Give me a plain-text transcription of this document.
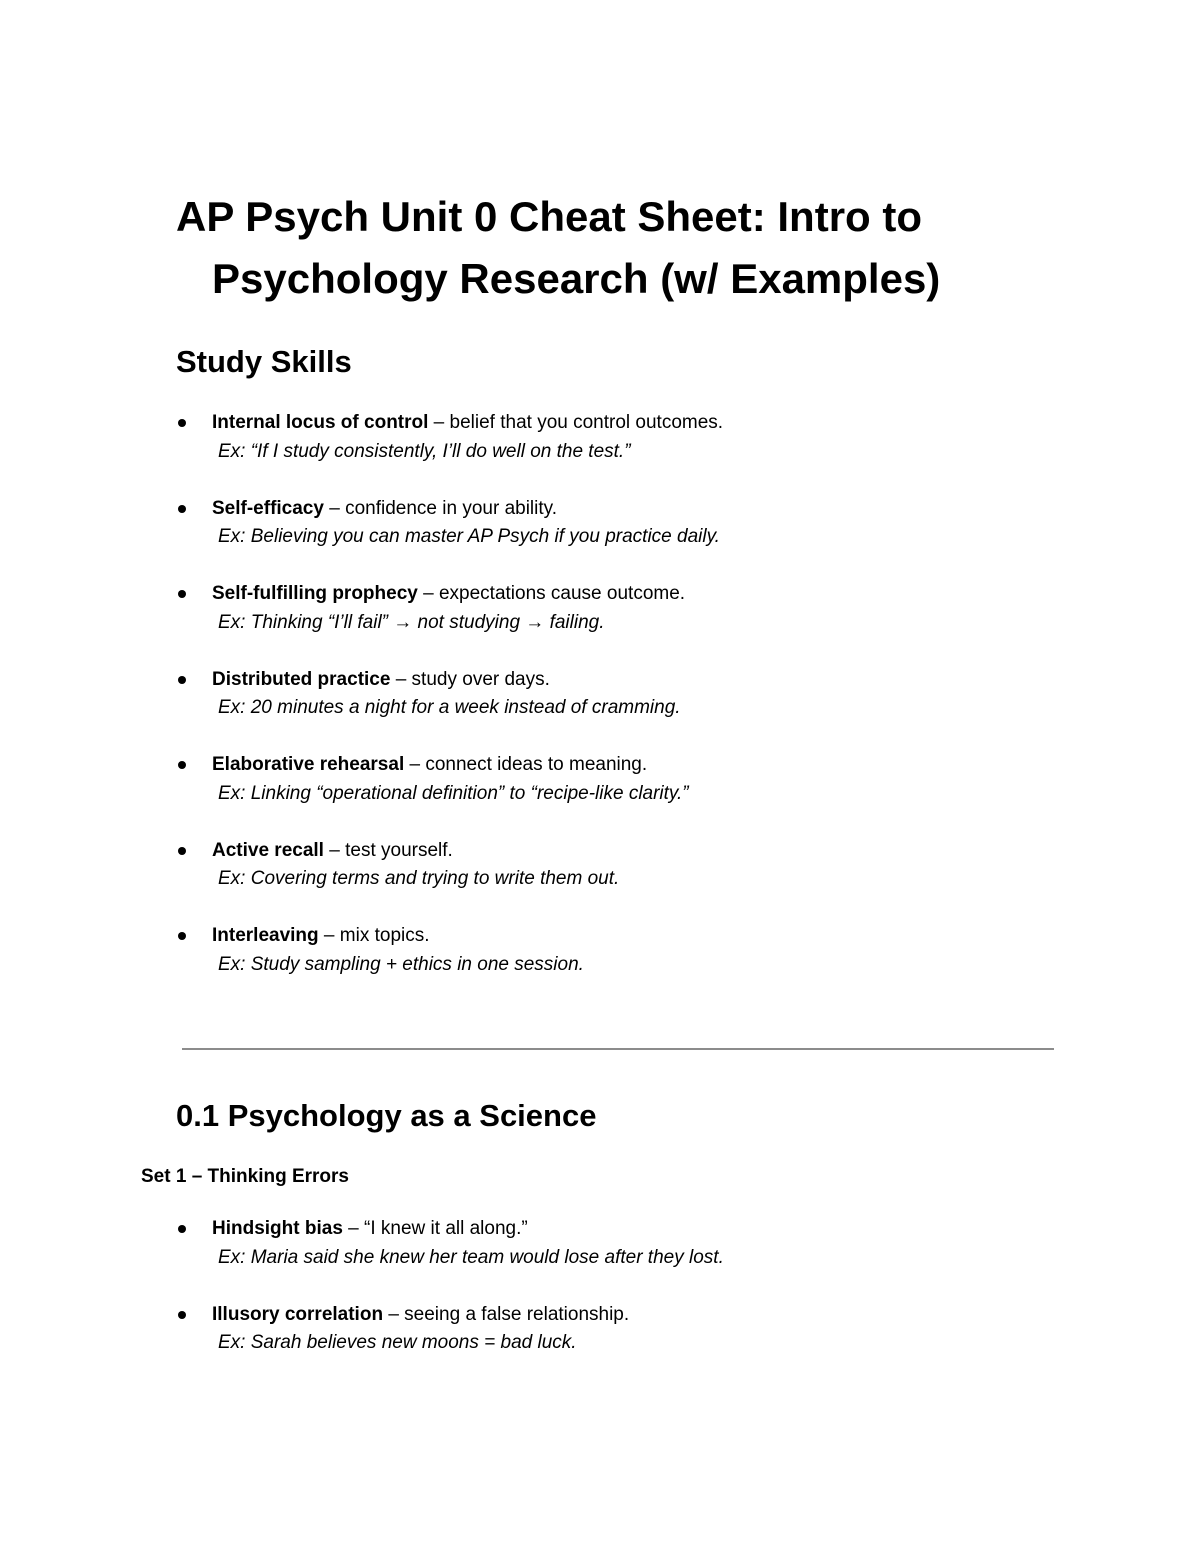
AP Psych Unit 0 Cheat Sheet: Intro to Psychology Research (w/ Examples)
Study Skills
Internal locus of control – belief that you control outcomes.
Ex: “If I study consistently, I’ll do well on the test.”
Self-efficacy – confidence in your ability.
Ex: Believing you can master AP Psych if you practice daily.
Self-fulfilling prophecy – expectations cause outcome.
Ex: Thinking “I’ll fail” → not studying → failing.
Distributed practice – study over days.
Ex: 20 minutes a night for a week instead of cramming.
Elaborative rehearsal – connect ideas to meaning.
Ex: Linking “operational definition” to “recipe-like clarity.”
Active recall – test yourself.
Ex: Covering terms and trying to write them out.
Interleaving – mix topics.
Ex: Study sampling + ethics in one session.
0.1 Psychology as a Science
Set 1 – Thinking Errors
Hindsight bias – “I knew it all along.”
Ex: Maria said she knew her team would lose after they lost.
Illusory correlation – seeing a false relationship.
Ex: Sarah believes new moons = bad luck.
